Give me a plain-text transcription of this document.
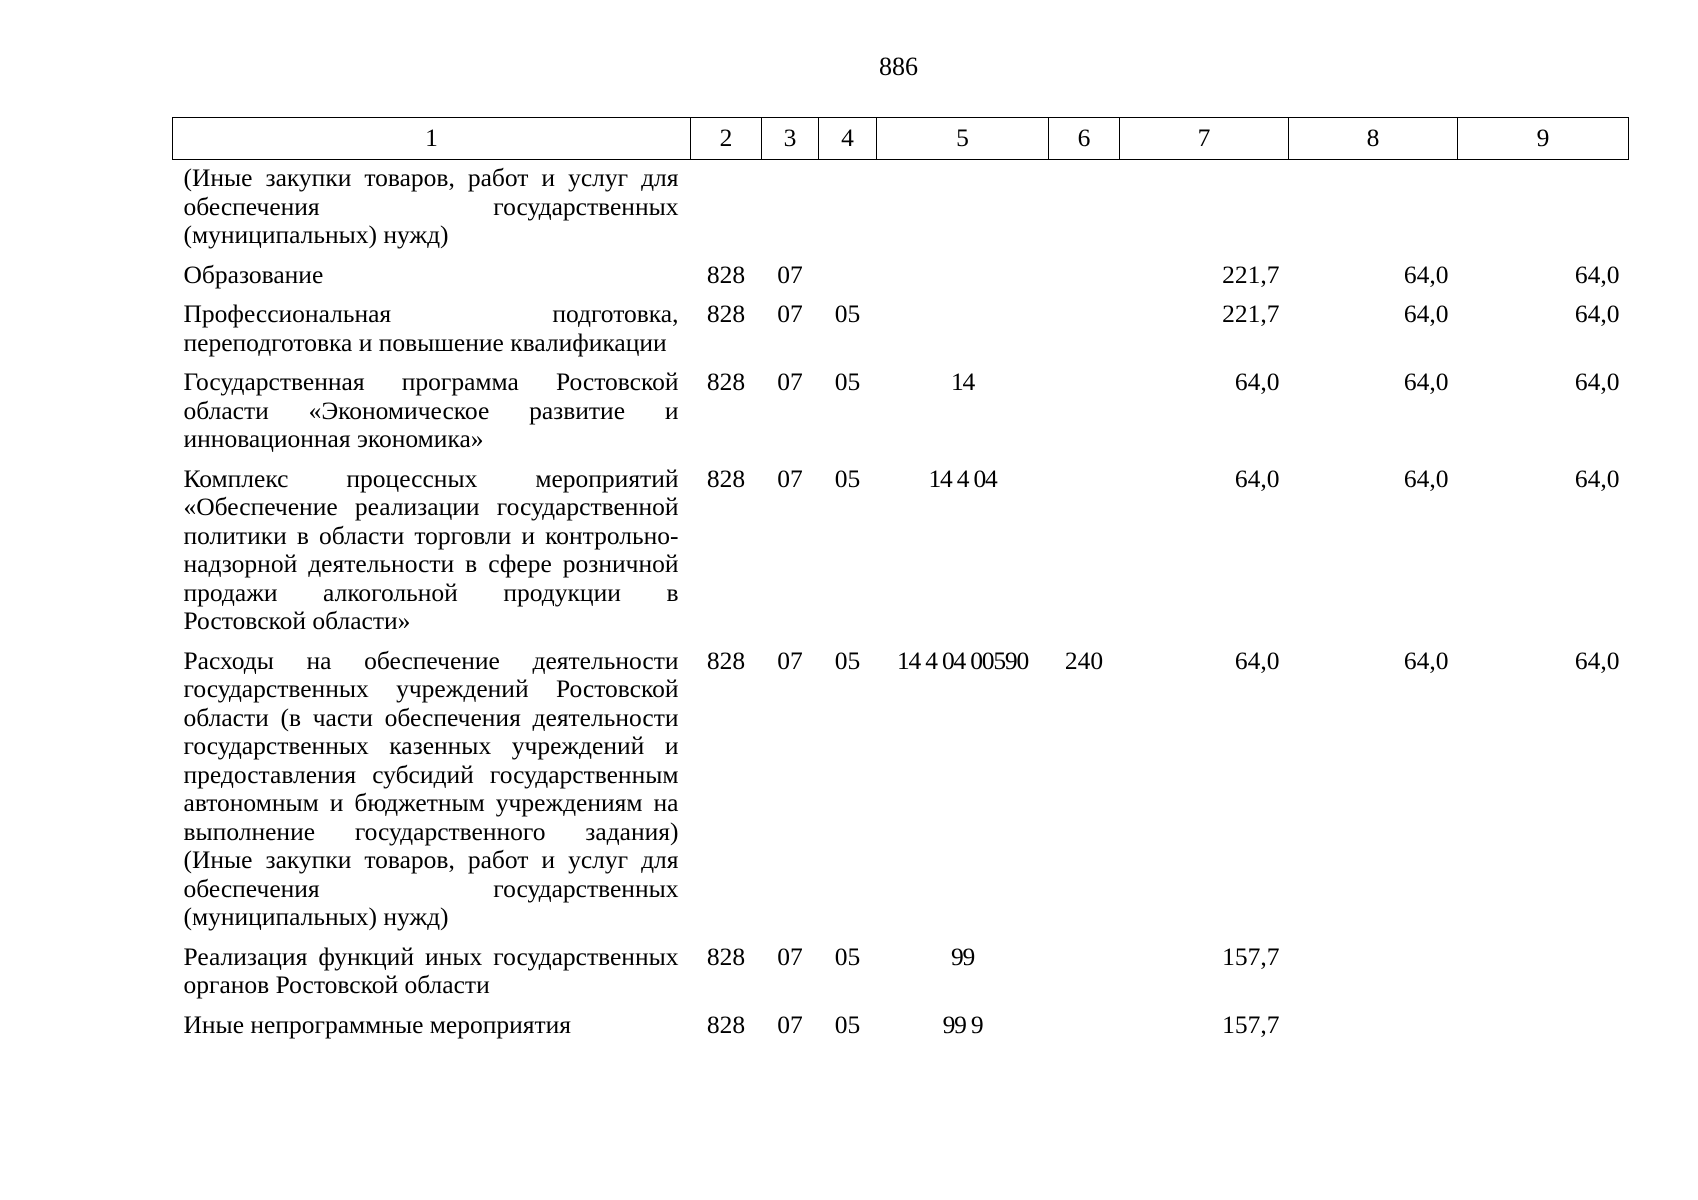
886
1	2	3	4	5	6	7	8	9
(Иные закупки товаров, работ и услуг для обеспечения государственных (муниципальных) нужд)								
Образование	828	07				221,7	64,0	64,0
Профессиональная подготовка, переподготовка и повышение квалификации	828	07	05			221,7	64,0	64,0
Государственная программа Ростовской области «Экономическое развитие и инновационная экономика»	828	07	05	14		64,0	64,0	64,0
Комплекс процессных мероприятий «Обеспечение реализации государственной политики в области торговли и контрольно-надзорной деятельности в сфере розничной продажи алкогольной продукции в Ростовской области»	828	07	05	14 4 04		64,0	64,0	64,0
Расходы на обеспечение деятельности государственных учреждений Ростовской области (в части обеспечения деятельности государственных казенных учреждений и предоставления субсидий государственным автономным и бюджетным учреждениям на выполнение государственного задания) (Иные закупки товаров, работ и услуг для обеспечения государственных (муниципальных) нужд)	828	07	05	14 4 04 00590	240	64,0	64,0	64,0
Реализация функций иных государственных органов Ростовской области	828	07	05	99		157,7		
Иные непрограммные мероприятия	828	07	05	99 9		157,7		
